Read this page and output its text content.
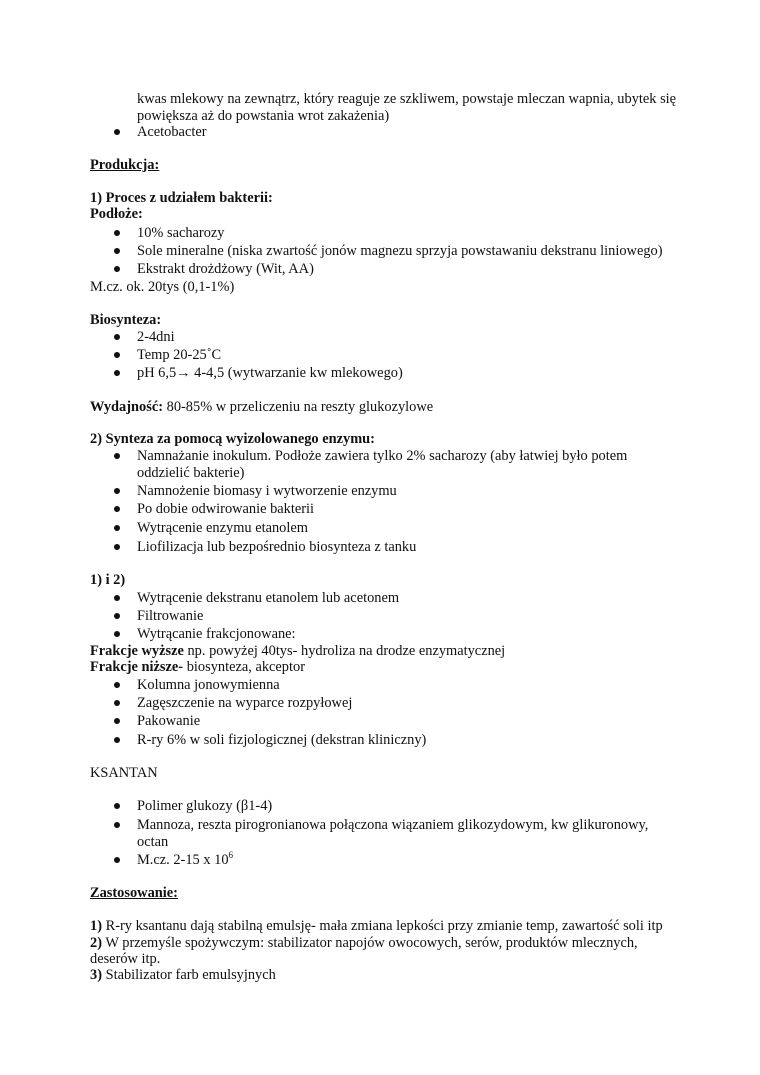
kwas mlekowy na zewnątrz, który reaguje ze szkliwem, powstaje mleczan wapnia, ubytek się
powiększa aż do powstania wrot zakażenia)
Acetobacter
Produkcja:
1) Proces z udziałem bakterii:
Podłoże:
10% sacharozy
Sole mineralne (niska zwartość jonów magnezu sprzyja powstawaniu dekstranu liniowego)
Ekstrakt drożdżowy (Wit, AA)
M.cz. ok. 20tys (0,1-1%)
Biosynteza:
2-4dni
Temp 20-25˚C
pH 6,5→ 4-4,5 (wytwarzanie kw mlekowego)
Wydajność: 80-85% w przeliczeniu na reszty glukozylowe
2) Synteza za pomocą wyizolowanego enzymu:
Namnażanie inokulum. Podłoże zawiera tylko 2% sacharozy (aby łatwiej było potem
oddzielić bakterie)
Namnożenie biomasy i wytworzenie enzymu
Po dobie odwirowanie bakterii
Wytrącenie enzymu etanolem
Liofilizacja lub bezpośrednio biosynteza z tanku
1) i 2)
Wytrącenie dekstranu etanolem lub acetonem
Filtrowanie
Wytrącanie frakcjonowane:
Frakcje wyższe np. powyżej 40tys- hydroliza na drodze enzymatycznej
Frakcje niższe- biosynteza, akceptor
Kolumna jonowymienna
Zagęszczenie na wyparce rozpyłowej
Pakowanie
R-ry 6% w soli fizjologicznej (dekstran kliniczny)
KSANTAN
Polimer glukozy (β1-4)
Mannoza, reszta pirogronianowa połączona wiązaniem glikozydowym, kw glikuronowy,
octan
M.cz. 2-15 x $10^6$
Zastosowanie:
1) R-ry ksantanu dają stabilną emulsję- mała zmiana lepkości przy zmianie temp, zawartość soli itp
2) W przemyśle spożywczym: stabilizator napojów owocowych, serów, produktów mlecznych,
deserów itp.
3) Stabilizator farb emulsyjnych
